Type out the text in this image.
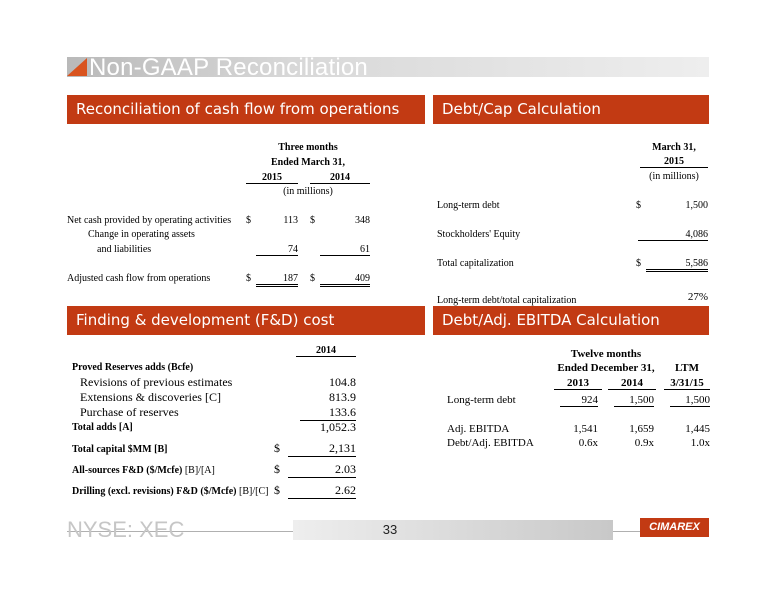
Non-GAAP Reconciliation
Reconciliation of cash flow from operations	Debt/Cap Calculation
Finding & development (F&D) cost	Debt/Adj. EBITDA Calculation
Three months
Ended March 31,
2015	2014
(in millions)
Net cash provided by operating activities $	113 $	348
Change in operating assets
and liabilities	74	61
Adjusted cash flow from operations	$	187 $	409
March 31,
2015
(in millions)
Long-term debt	$	1,500
Stockholders' Equity	4,086
Total capitalization	$	5,586
Long-term debt/total capitalization	27%
2014
Proved Reserves adds (Bcfe)
Revisions of previous estimates	104.8
Extensions & discoveries [C]	813.9
Purchase of reserves	133.6
Total adds [A]	1,052.3
Total capital $MM [B]	$	2,131
All-sources F&D ($/Mcfe) [B]/[A]	$	2.03
Drilling (excl. revisions) F&D ($/Mcfe) [B]/[C] $	2.62
Twelve months
Ended December 31,	LTM
2013	2014	3/31/15
Long-term debt	924	1,500	1,500
Adj. EBITDA	1,541	1,659	1,445
Debt/Adj. EBITDA	0.6x	0.9x	1.0x
NYSE: XEC	33	CIMAREX
